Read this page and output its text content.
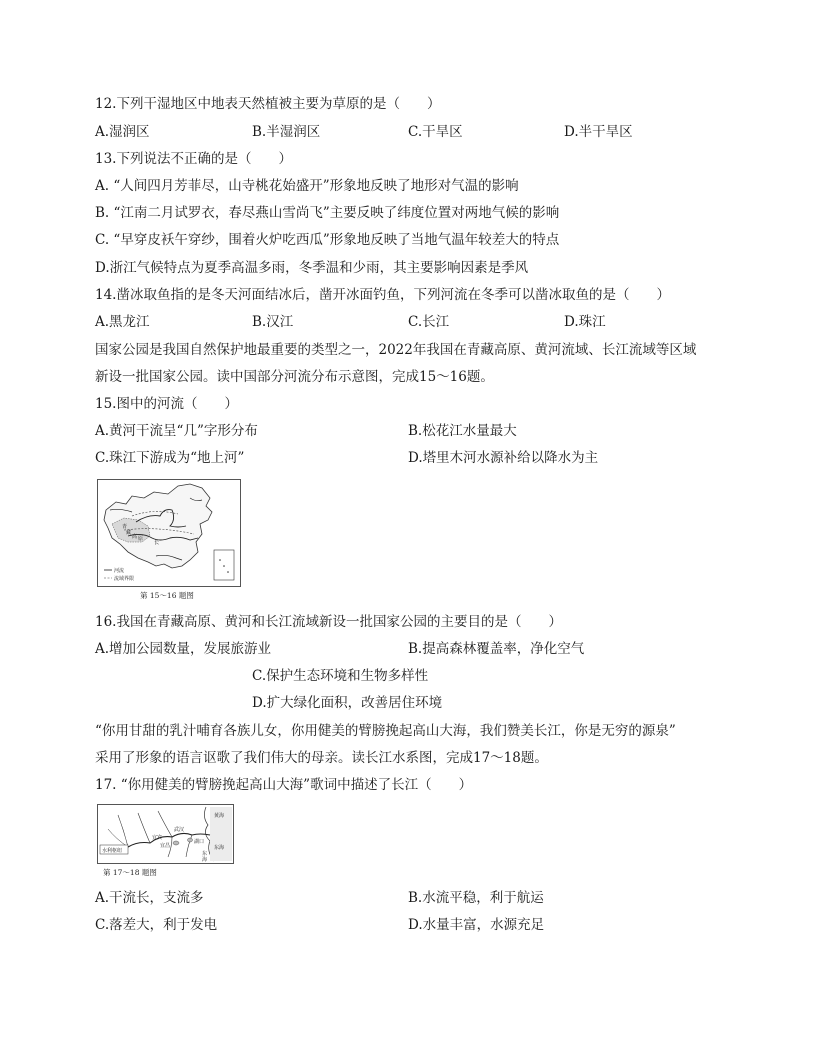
12.下列干湿地区中地表天然植被主要为草原的是（　　）
A.湿润区	B.半湿润区	C.干旱区	D.半干旱区
13.下列说法不正确的是（　　）
A. “人间四月芳菲尽，山寺桃花始盛开”形象地反映了地形对气温的影响
B. “江南二月试罗衣，春尽燕山雪尚飞”主要反映了纬度位置对两地气候的影响
C. “早穿皮袄午穿纱，围着火炉吃西瓜”形象地反映了当地气温年较差大的特点
D.浙江气候特点为夏季高温多雨，冬季温和少雨，其主要影响因素是季风
14.凿冰取鱼指的是冬天河面结冰后，凿开冰面钓鱼，下列河流在冬季可以凿冰取鱼的是（　　）
A.黑龙江	B.汉江	C.长江	D.珠江
国家公园是我国自然保护地最重要的类型之一，2022年我国在青藏高原、黄河流域、长江流域等区域
新设一批国家公园。读中国部分河流分布示意图，完成15～16题。
15.图中的河流（　　）
A.黄河干流呈“几”字形分布	B.松花江水量最大
C.珠江下游成为“地上河”	D.塔里木河水源补给以降水为主
青
藏
高 原
长
河流
流域界限
第 15～16 题图
16.我国在青藏高原、黄河和长江流域新设一批国家公园的主要目的是（　　）
A.增加公园数量，发展旅游业	B.提高森林覆盖率，净化空气
C.保护生态环境和生物多样性
D.扩大绿化面积，改善居住环境
“你用甘甜的乳汁哺育各族儿女，你用健美的臂膀挽起高山大海，我们赞美长江，你是无穷的源泉”
采用了形象的语言讴歌了我们伟大的母亲。读长江水系图，完成17～18题。
17. “你用健美的臂膀挽起高山大海”歌词中描述了长江（　　）
宜宾
宜昌
武汉
湖口
黄海
东海
东
海
水利枢纽
第 17～18 题图
A.干流长，支流多	B.水流平稳，利于航运
C.落差大，利于发电	D.水量丰富，水源充足
